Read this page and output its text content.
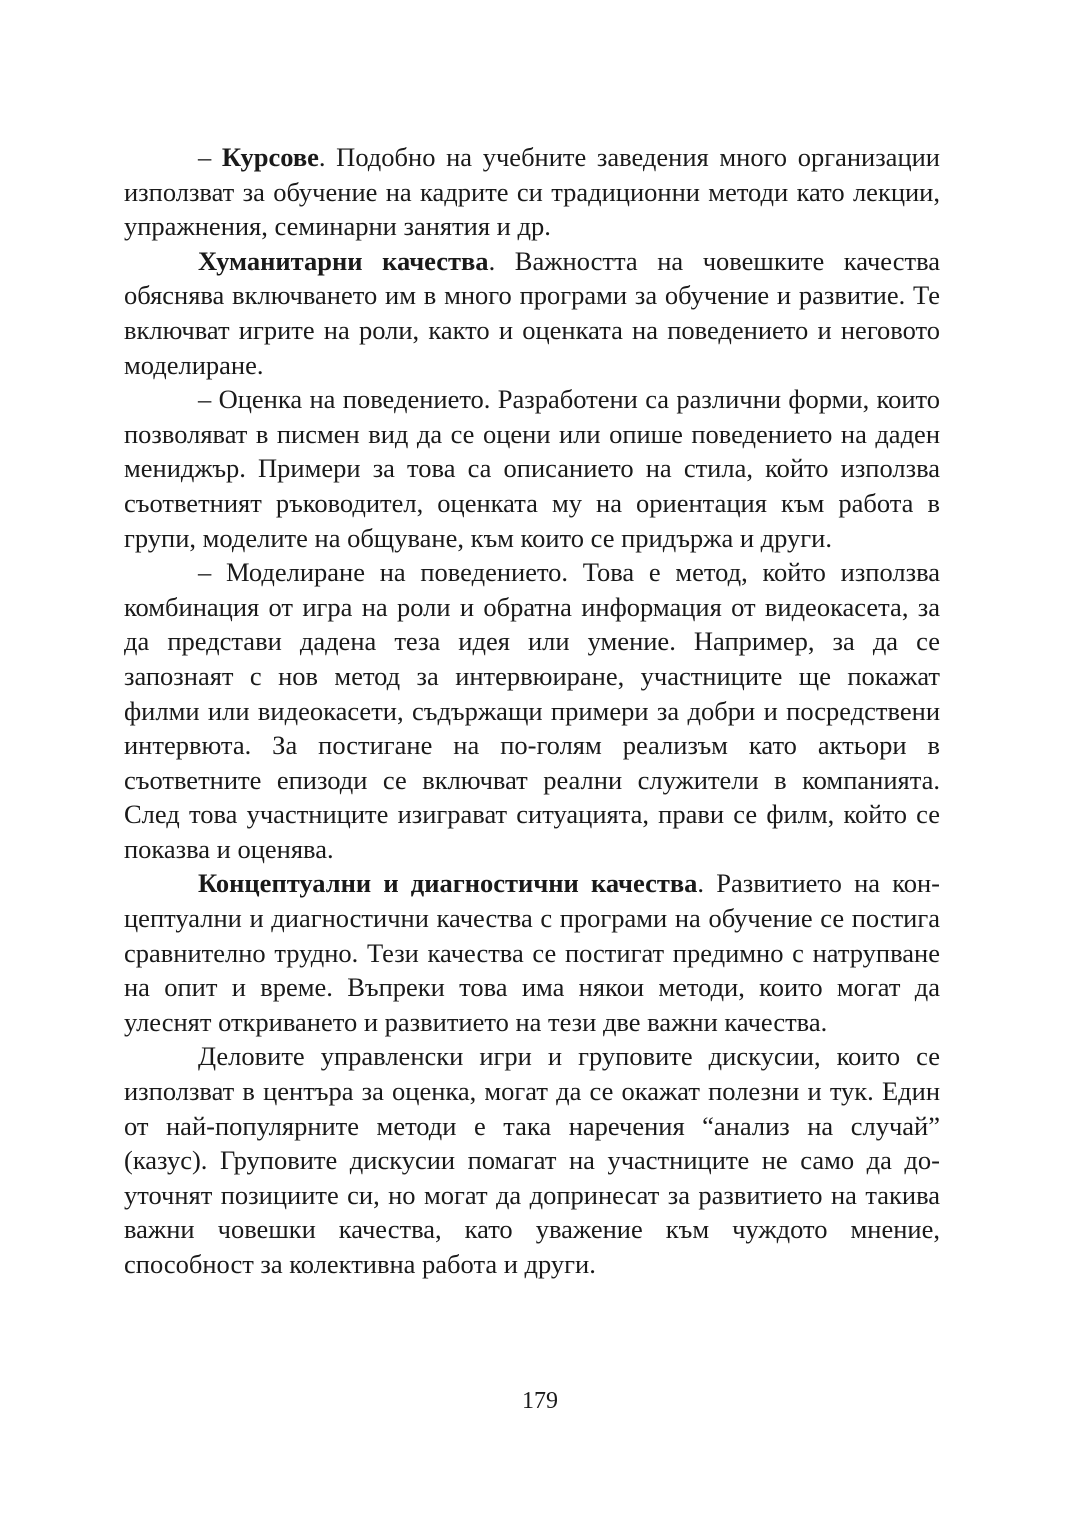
– Курсове. Подобно на учебните заведения много организации използват за обучение на кадрите си традиционни методи като лекции, упражнения, семинарни занятия и др.

Хуманитарни качества. Важността на човешките качества обяснява включването им в много програми за обучение и развитие. Те включват игрите на роли, както и оценката на поведението и неговото моделиране.

– Оценка на поведението. Разработени са различни форми, които позволяват в писмен вид да се оцени или опише поведението на даден мениджър. Примери за това са описанието на стила, който използва съответният ръководител, оценката му на ориентация към работа в групи, моделите на общуване, към които се придържа и други.

– Моделиране на поведението. Това е метод, който използва комбинация от игра на роли и обратна информация от видеокасета, за да представи дадена теза идея или умение. Например, за да се запознаят с нов метод за интервюиране, участниците ще покажат филми или видеокасети, съдържащи примери за добри и посредствени интервюта. За постигане на по-голям реализъм като актьори в съответните епизоди се включват реални служители в компанията. След това участниците изиграват ситуацията, прави се филм, който се показва и оценява.

Концептуални и диагностични качества. Развитието на концептуални и диагностични качества с програми на обучение се постига сравнително трудно. Тези качества се постигат предимно с натрупване на опит и време. Въпреки това има някои методи, които могат да улеснят откриването и развитието на тези две важни качества.

Деловите управленски игри и груповите дискусии, които се използват в центъра за оценка, могат да се окажат полезни и тук. Един от най-популярните методи е така наречения “анализ на случай” (казус). Груповите дискусии помагат на участниците не само да доуточнят позициите си, но могат да допринесат за развитието на такива важни човешки качества, като уважение към чуждото мнение, способност за колективна работа и други.

179
